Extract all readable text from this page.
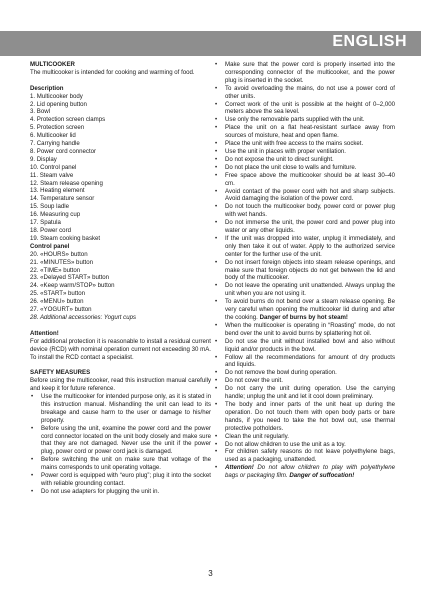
ENGLISH

MULTICOOKER

The multicooker is intended for cooking and warming of food.

Description

1. Multicooker body
2. Lid opening button
3. Bowl
4. Protection screen clamps
5. Protection screen
6. Multicooker lid
7. Carrying handle
8. Power cord connector
9. Display
10. Control panel
11. Steam valve
12. Steam release opening
13. Heating element
14. Temperature sensor
15. Soup ladle
16. Measuring cup
17. Spatula
18. Power cord
19. Steam cooking basket

Control panel

20. «HOURS» button
21. «MINUTES» button
22. «TIME» button
23. «Delayed START» button
24. «Keep warm/STOP» button
25. «START» button
26. «MENU» button
27. «YOGURT» button

28. Additional accessories: Yogurt cups

Attention!

For additional protection it is reasonable to install a residual current device (RCD) with nominal operation current not exceeding 30 mA. To install the RCD contact a specialist.

SAFETY MEASURES

Before using the multicooker, read this instruction manual carefully and keep it for future reference.

• Use the multicooker for intended purpose only, as it is stated in this instruction manual. Mishandling the unit can lead to its breakage and cause harm to the user or damage to his/her property.
• Before using the unit, examine the power cord and the power cord connector located on the unit body closely and make sure that they are not damaged. Never use the unit if the power plug, power cord or power cord jack is damaged.
• Before switching the unit on make sure that voltage of the mains corresponds to unit operating voltage.
• Power cord is equipped with “euro plug”; plug it into the socket with reliable grounding contact.
• Do not use adapters for plugging the unit in.
• Make sure that the power cord is properly inserted into the corresponding connector of the multicooker, and the power plug is inserted in the socket.
• To avoid overloading the mains, do not use a power cord of other units.
• Correct work of the unit is possible at the height of 0–2,000 meters above the sea level.
• Use only the removable parts supplied with the unit.
• Place the unit on a flat heat-resistant surface away from sources of moisture, heat and open flame.
• Place the unit with free access to the mains socket.
• Use the unit in places with proper ventilation.
• Do not expose the unit to direct sunlight.
• Do not place the unit close to walls and furniture.
• Free space above the multicooker should be at least 30–40 cm.
• Avoid contact of the power cord with hot and sharp subjects. Avoid damaging the isolation of the power cord.
• Do not touch the multicooker body, power cord or power plug with wet hands.
• Do not immerse the unit, the power cord and power plug into water or any other liquids.
• If the unit was dropped into water, unplug it immediately, and only then take it out of water. Apply to the authorized service center for the further use of the unit.
• Do not insert foreign objects into steam release openings, and make sure that foreign objects do not get between the lid and body of the multicooker.
• Do not leave the operating unit unattended. Always unplug the unit when you are not using it.
• To avoid burns do not bend over a steam release opening. Be very careful when opening the multicooker lid during and after the cooking. Danger of burns by hot steam!
• When the multicooker is operating in “Roasting” mode, do not bend over the unit to avoid burns by splattering hot oil.
• Do not use the unit without installed bowl and also without liquid and/or products in the bowl.
• Follow all the recommendations for amount of dry products and liquids.
• Do not remove the bowl during operation.
• Do not cover the unit.
• Do not carry the unit during operation. Use the carrying handle; unplug the unit and let it cool down preliminary.
• The body and inner parts of the unit heat up during the operation. Do not touch them with open body parts or bare hands, if you need to take the hot bowl out, use thermal protective potholders.
• Clean the unit regularly.
• Do not allow children to use the unit as a toy.
• For children safety reasons do not leave polyethylene bags, used as a packaging, unattended.
• Attention! Do not allow children to play with polyethylene bags or packaging film. Danger of suffocation!
3
